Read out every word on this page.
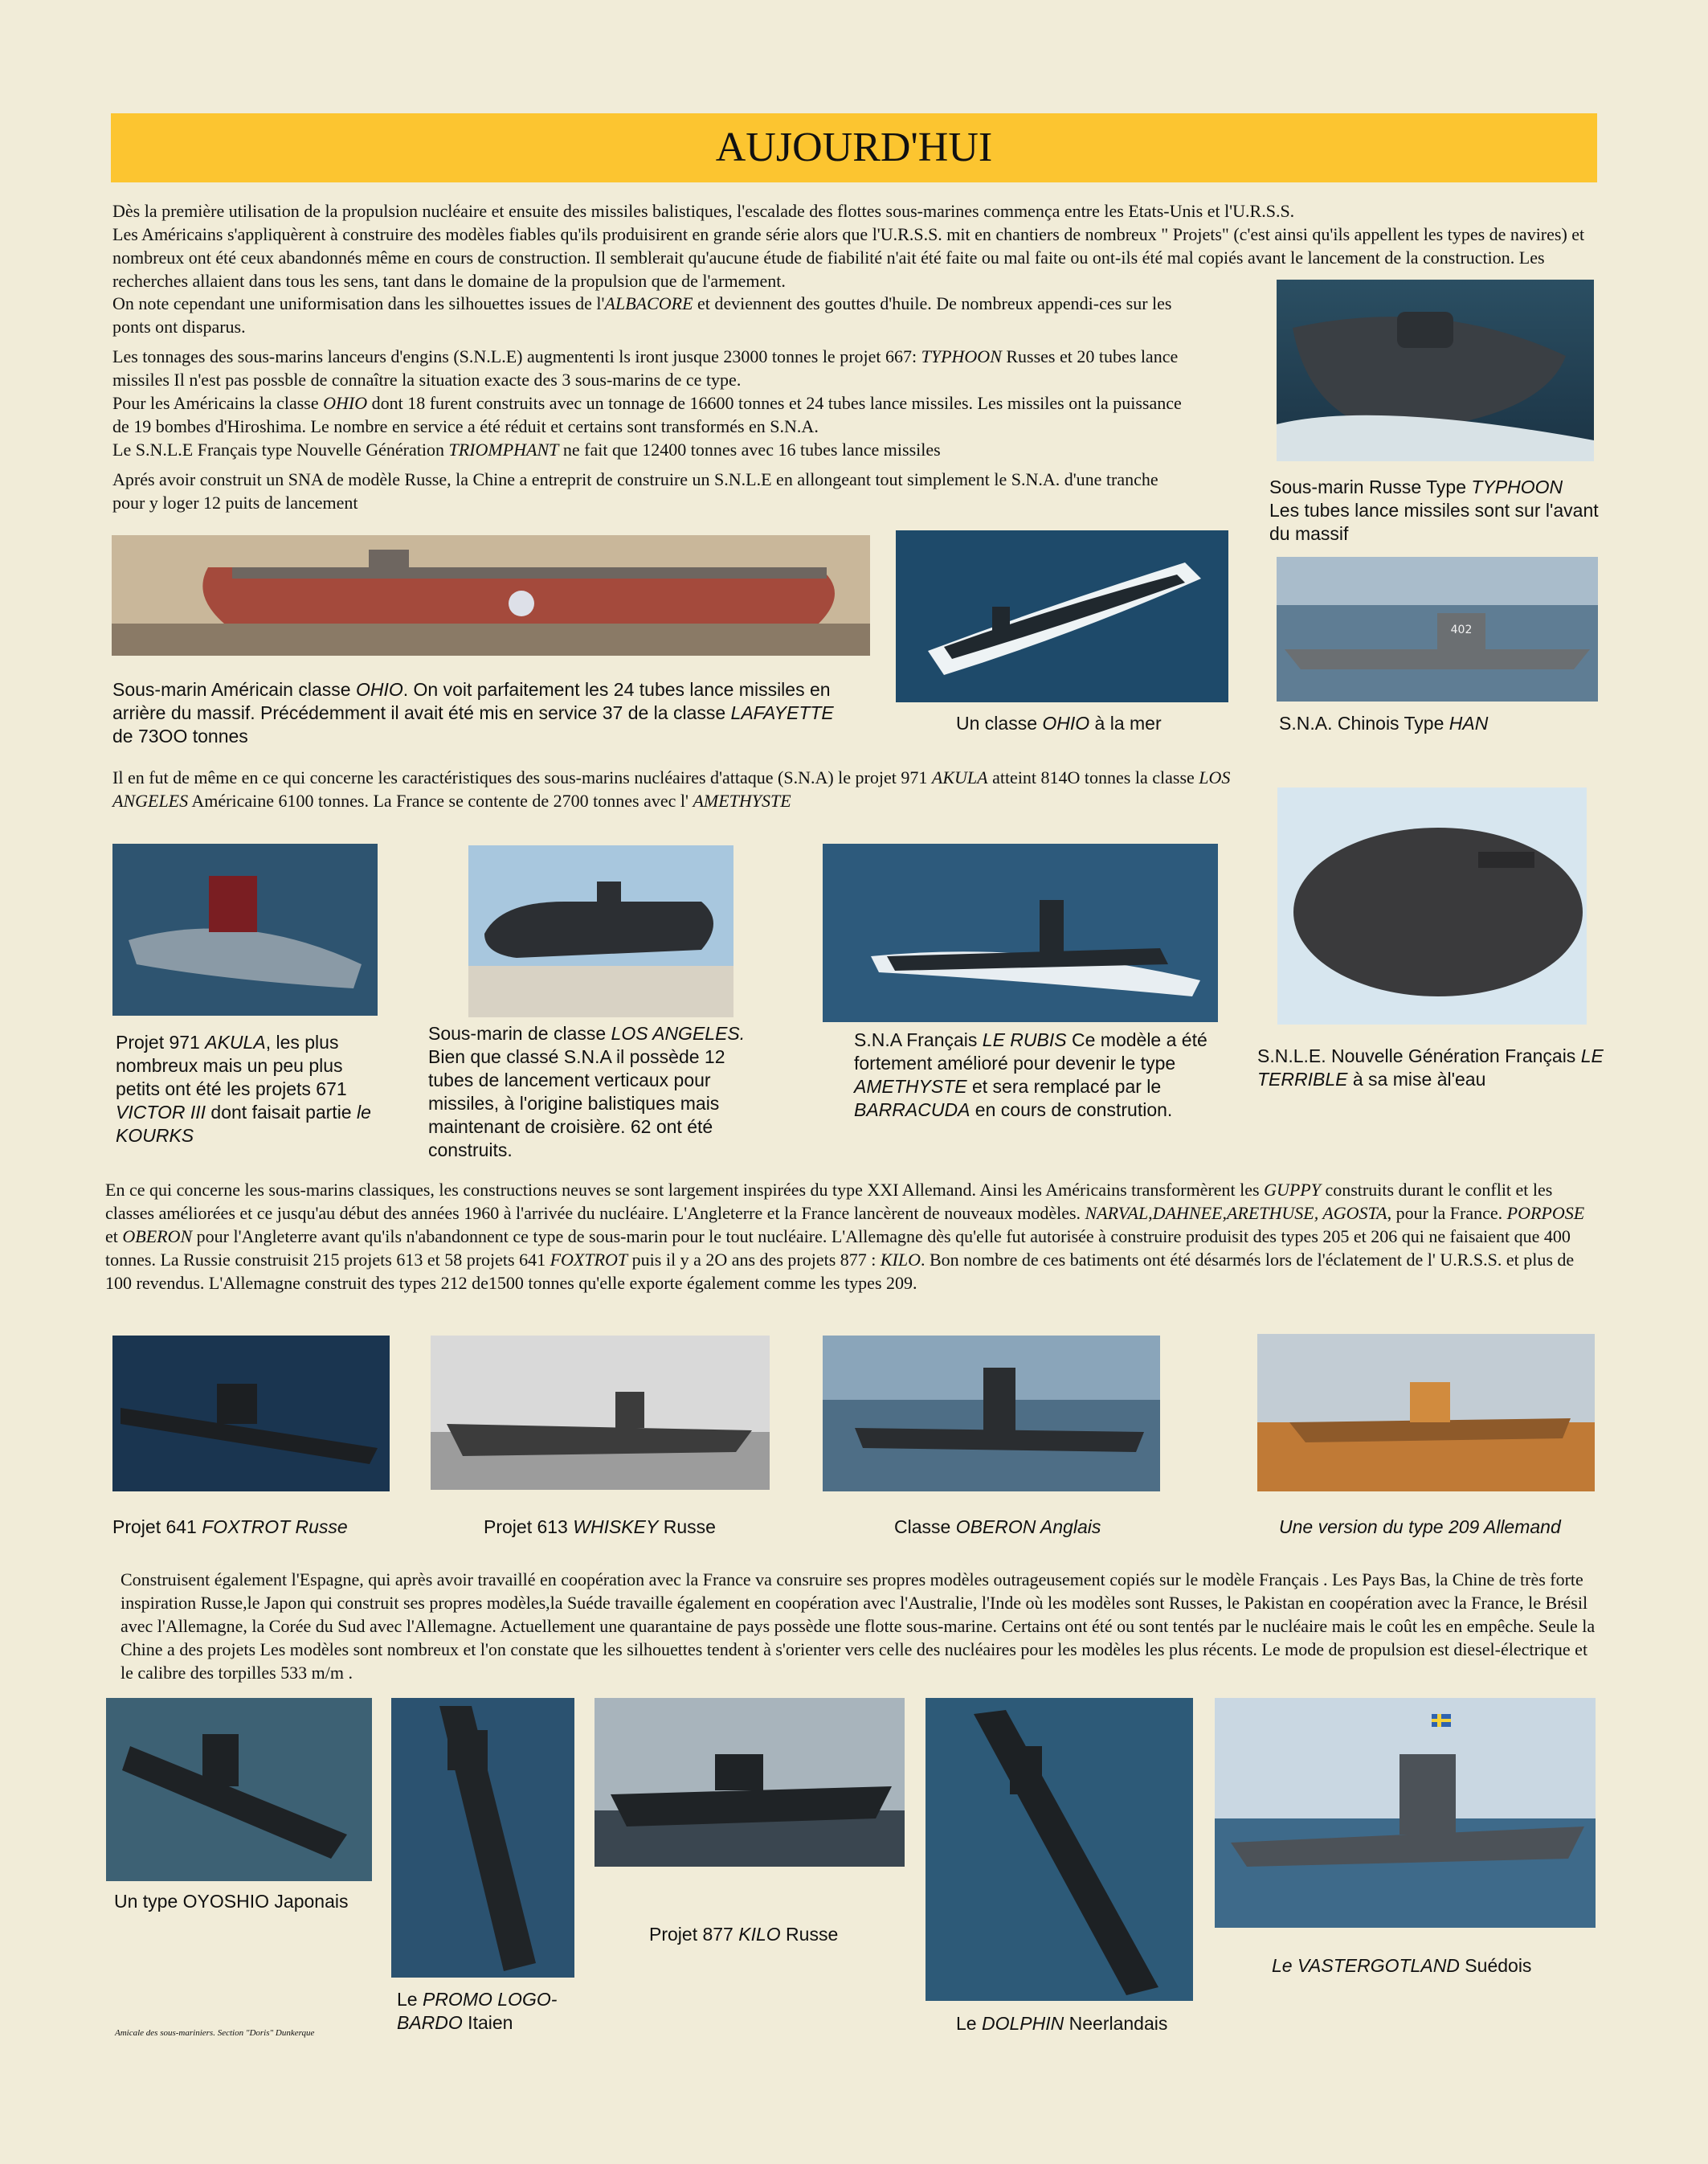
AUJOURD'HUI

Dès la première utilisation de la propulsion nucléaire et ensuite des missiles balistiques, l'escalade des flottes sous-marines commença entre les Etats-Unis et l'U.R.S.S.

Les Américains s'appliquèrent à construire des modèles fiables qu'ils produisirent en grande série alors que l'U.R.S.S. mit en chantiers de nombreux " Projets" (c'est ainsi qu'ils appellent les types de navires) et nombreux ont été ceux abandonnés même en cours de construction. Il semblerait qu'aucune étude de fiabilité n'ait été faite ou mal faite ou ont-ils été mal copiés avant le lancement de la construction. Les recherches allaient dans tous les sens, tant dans le domaine de la propulsion que de l'armement.

On note cependant une uniformisation dans les silhouettes issues de l'ALBACORE et deviennent des gouttes d'huile. De nombreux appendi-ces sur les ponts ont disparus.

Les tonnages des sous-marins lanceurs d'engins (S.N.L.E) augmententi ls iront jusque 23000 tonnes le projet 667: TYPHOON Russes et 20 tubes lance missiles Il n'est pas possble de connaître la situation exacte des 3 sous-marins de ce type.

Pour les Américains la classe OHIO dont 18 furent construits avec un tonnage de 16600 tonnes et 24 tubes lance missiles. Les missiles ont la puissance de 19 bombes d'Hiroshima. Le nombre en service a été réduit et certains sont transformés en S.N.A.

Le S.N.L.E Français type Nouvelle Génération TRIOMPHANT ne fait que 12400 tonnes avec 16 tubes lance missiles

Aprés avoir construit un SNA de modèle Russe, la Chine a entreprit de construire un S.N.L.E en allongeant tout simplement le S.N.A. d'une tranche pour y loger 12 puits de lancement

Sous-marin Russe Type TYPHOON

Les tubes lance missiles sont sur l'avant du massif

Sous-marin Américain classe OHIO. On voit parfaitement les 24 tubes lance missiles en arrière du massif. Précédemment il avait été mis en service 37 de la classe LAFAYETTE

de 73OO tonnes

Un classe OHIO à la mer

402

S.N.A. Chinois Type HAN

Il en fut de même en ce qui concerne les caractéristiques des sous-marins nucléaires d'attaque (S.N.A) le projet 971 AKULA atteint 814O tonnes la classe LOS ANGELES Américaine 6100 tonnes. La France se contente de 2700 tonnes avec l' AMETHYSTE

Projet 971 AKULA, les plus nombreux mais un peu plus petits ont été les projets 671 VICTOR III dont faisait partie le KOURKS

Sous-marin de classe LOS ANGELES.

Bien que classé S.N.A il possède 12 tubes de lancement verticaux pour missiles, à l'origine balistiques mais maintenant de croisière. 62 ont été construits.

S.N.A Français LE RUBIS Ce modèle a été fortement amélioré pour devenir le type AMETHYSTE et sera remplacé par le BARRACUDA en cours de constrution.

S.N.L.E. Nouvelle Génération Français LE TERRIBLE à sa mise àl'eau

En ce qui concerne les sous-marins classiques, les constructions neuves se sont largement inspirées du type XXI Allemand. Ainsi les Américains transformèrent les GUPPY construits durant le conflit et les classes améliorées et ce jusqu'au début des années 1960 à l'arrivée du nucléaire. L'Angleterre et la France lancèrent de nouveaux modèles. NARVAL,DAHNEE,ARETHUSE, AGOSTA, pour la France. PORPOSE et OBERON pour l'Angleterre avant qu'ils n'abandonnent ce type de sous-marin pour le tout nucléaire. L'Allemagne dès qu'elle fut autorisée à construire produisit des types 205 et 206 qui ne faisaient que 400 tonnes. La Russie construisit 215 projets 613 et 58 projets 641 FOXTROT puis il y a 2O ans des projets 877 : KILO. Bon nombre de ces batiments ont été désarmés lors de l'éclatement de l' U.R.S.S. et plus de 100 revendus. L'Allemagne construit des types 212 de1500 tonnes qu'elle exporte également comme les types 209.

Projet 641 FOXTROT Russe	Projet 613 WHISKEY Russe	Classe OBERON Anglais	Une version du type 209 Allemand

Construisent également l'Espagne, qui après avoir travaillé en coopération avec la France va consruire ses propres modèles outrageusement copiés sur le modèle Français . Les Pays Bas, la Chine de très forte inspiration Russe,le Japon qui construit ses propres modèles,la Suéde travaille également en coopération avec l'Australie, l'Inde où les modèles sont Russes, le Pakistan en coopération avec la France, le Brésil avec l'Allemagne, la Corée du Sud avec l'Allemagne. Actuellement une quarantaine de pays possède une flotte sous-marine. Certains ont été ou sont tentés par le nucléaire mais le coût les en empêche. Seule la Chine a des projets Les modèles sont nombreux et l'on constate que les silhouettes tendent à s'orienter vers celle des nucléaires pour les modèles les plus récents. Le mode de propulsion est diesel-électrique et le calibre des torpilles 533 m/m .

Un type OYOSHIO Japonais

Le PROMO LOGO-BARDO Itaien

Projet 877 KILO Russe

Le DOLPHIN Neerlandais

Le VASTERGOTLAND Suédois

Amicale des sous-mariniers. Section "Doris" Dunkerque
